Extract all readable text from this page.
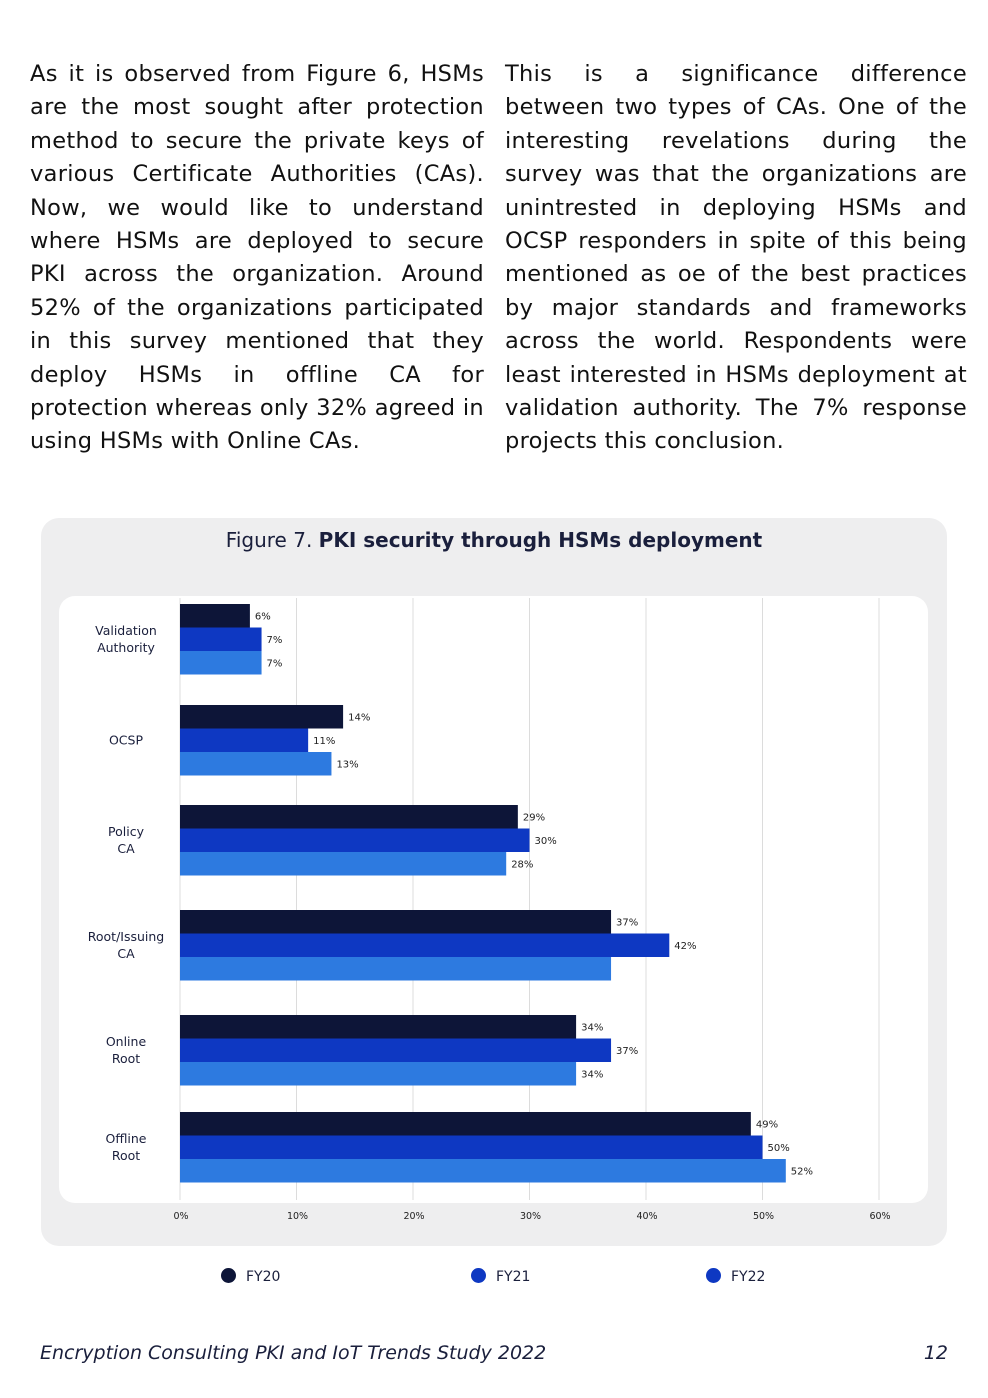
As it is observed from Figure 6, HSMs are the most sought after protection method to secure the private keys of various Certificate Authorities (CAs). Now, we would like to understand where HSMs are deployed to secure PKI across the organization. Around 52% of the organizations participated in this survey mentioned that they deploy HSMs in offline CA for protection whereas only 32% agreed in using HSMs with Online CAs.
This is a significance difference between two types of CAs. One of the interesting revelations during the survey was that the organizations are unintrested in deploying HSMs and OCSP responders in spite of this being mentioned as oe of the best practices by major standards and frameworks across the world. Respondents were least interested in HSMs deployment at validation authority. The 7% response projects this conclusion.
Figure 7. PKI security through HSMs deployment
0%	10%	20%	30%	40%	50%	60%
6%
7%
7%
Validation Authority
14%
11%
13%
OCSP
29%
30%
28%
Policy CA
37%
42%
Root/Issuing CA
34%
37%
34%
Online Root
49%
50%
52%
Offline Root
FY20	FY21	FY22
Encryption Consulting PKI and IoT Trends Study 2022	12
